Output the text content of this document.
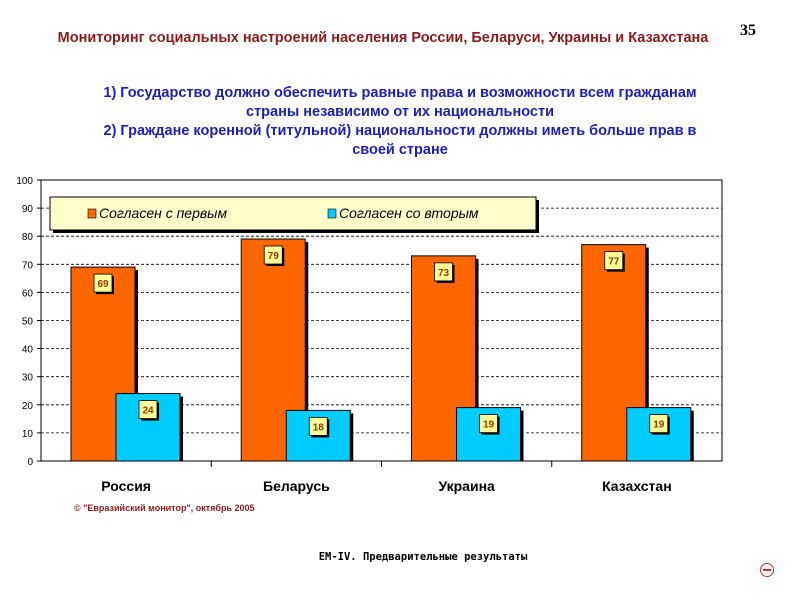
Мониторинг социальных настроений населения России, Беларуси, Украины и Казахстана	35
1) Государство должно обеспечить равные права и возможности всем гражданам
страны независимо от их национальности
2) Граждане коренной (титульной) национальности должны иметь больше прав в
своей стране
0
10
20
30
40
50
60
70
80
90
100
69
79
73
77
24
18	19	19
Россия	Беларусь	Украина	Казахстан
Согласен с первым	Согласен со вторым
© "Евразийский монитор", октябрь 2005
ЕМ-IV. Предварительные результаты
